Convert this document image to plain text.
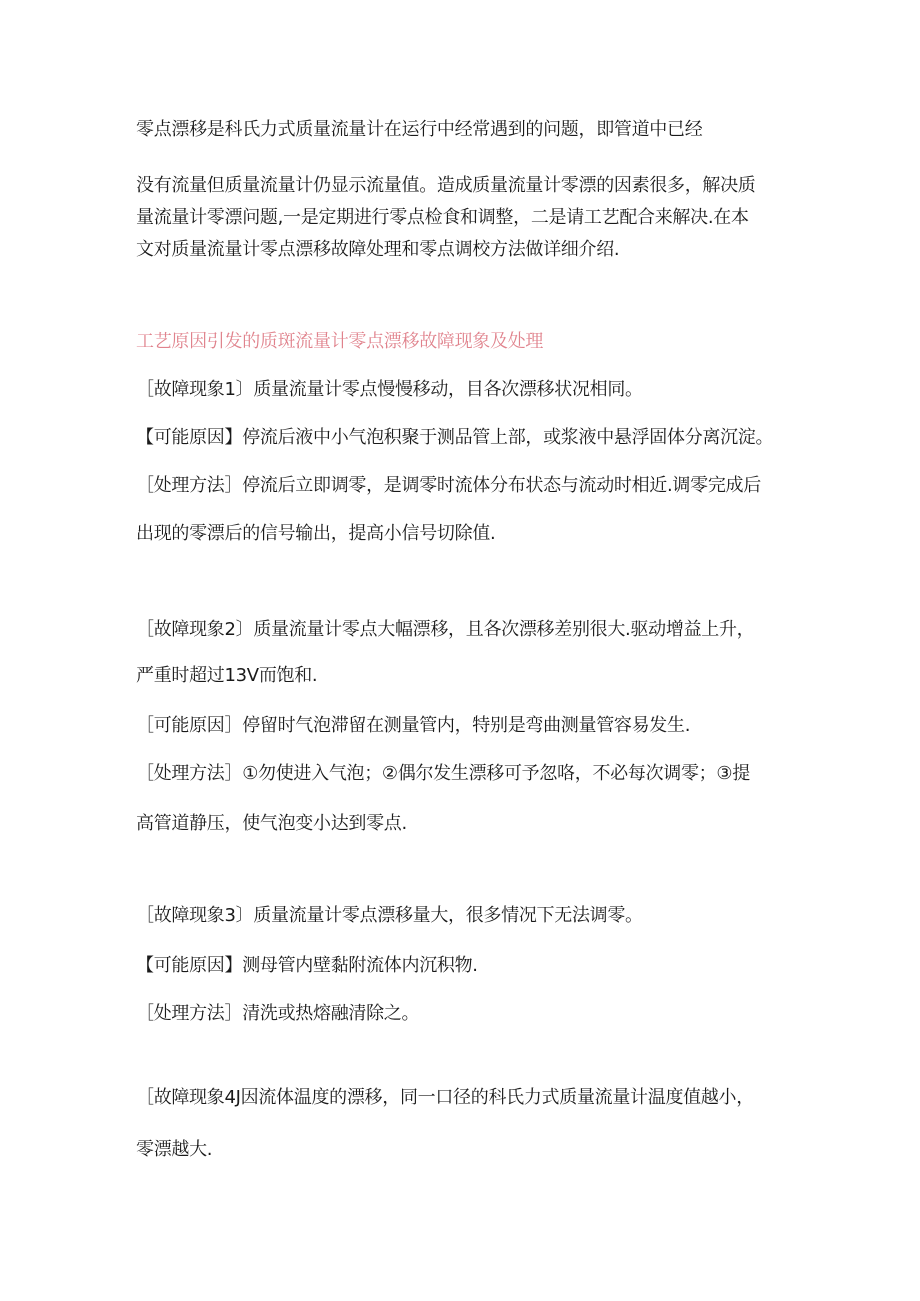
零点漂移是科氏力式质量流量计在运行中经常遇到的问题，即管道中已经
没有流量但质量流量计仍显示流量值。造成质量流量计零漂的因素很多，解决质
量流量计零漂问题,一是定期进行零点检食和调整，二是请工艺配合来解决.在本
文对质量流量计零点漂移故障处理和零点调校方法做详细介绍.
工艺原因引发的质斑流量计零点漂移故障现象及处理
［故障现象1〕质量流量计零点慢慢移动，目各次漂移状况相同。
【可能原因】停流后液中小气泡积聚于测品管上部，或浆液中悬浮固体分离沉淀。
［处理方法］停流后立即调零，是调零时流体分布状态与流动时相近.调零完成后
出现的零漂后的信号输出，提高小信号切除值.
［故障现象2〕质量流量计零点大幅漂移，且各次漂移差别很大.驱动增益上升，
严重时超过13V而饱和.
［可能原因］停留时气泡滞留在测量管内，特别是弯曲测量管容易发生.
［处理方法］①勿使进入气泡；②偶尔发生漂移可予忽咯，不必每次调零；③提
高管道静压，使气泡变小达到零点.
［故障现象3〕质量流量计零点漂移量大，很多情况下无法调零。
【可能原因】测母管内壁黏附流体内沉积物.
［处理方法］清洗或热熔融清除之。
［故障现象4J因流体温度的漂移，同一口径的科氏力式质量流量计温度值越小，
零漂越大.
